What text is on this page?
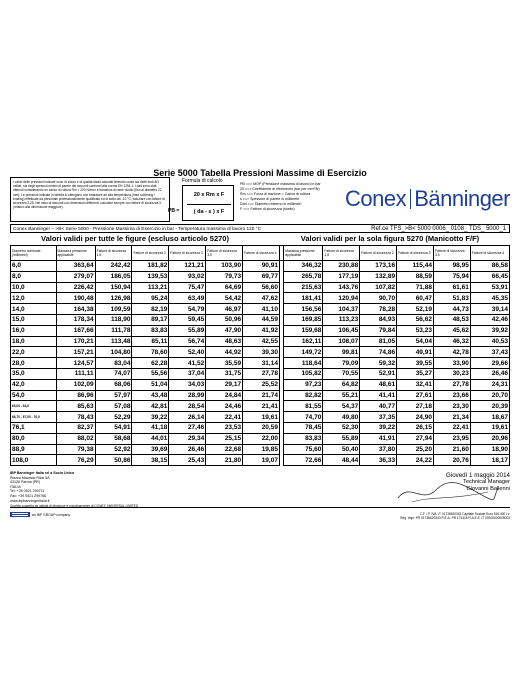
Serie 5000 Tabella Pressioni Massime di Esercizio
I valori delle pressioni indicate sono di sicuro e di qualità ideali calcolati tenendo conto sia delle fonti AD valide, sia degli spessori minimi di parete dei raccordi conformi alla norma EN 1254-1, i dati sono stati ottenuti considerando un carico di rottura Rm = 200 N/mm² e tubazioni di rame ricotto (fino al diametro 22 mm). Le pressioni indicate in tabella si ottengono con brasature ad alta temperatura (hard soldering / brazing) effettuate da personale professionalmente qualificato ed di sotto dei -10 °C; calcolare con fattore di sicurezza 2,25. Nel caso di raccordi con dimensioni differenti, calcolare sempre con fattore di sicurezza 3 (relativo alla dimensione maggiore).
Formula di calcolo
PB =
20 x Rm x F
( da - s ) x F
PB ==> MOP (Pressione massima di lavoro) in bar
20 ==> Coefficiente di riferimento (bar per mm²/N)
Rm ==> Forza di trazione = Carico di rottura
s ==> Spessore di parete in millimetri
Dad ==> Diametro esterno in millimetri
F ==> Fattore di sicurezza (scelto)	Conex Bänninger
Conex Banninger – >B< Serie 5000 - Pressione Massima di Esercizio in bar - Temperatura massima di lavoro 120 °C	Ref.ce TFS_>B< 5000 0006_ 0108_ TDS_ 5000_1
Valori validi per tutte le figure (escluso articolo 5270)	Valori validi per la sola figura 5270 (Manicotto F/F)
Diametro nominale (millimetri)	Massima pressione applicabile	Fattore di sicurezza 1,5	Fattore di sicurezza 2	Fattore di sicurezza 3	Fattore di sicurezza 3,5	Fattore di sicurezza 4		Massima pressione applicabile	Fattore di sicurezza 1,5	Fattore di sicurezza 2	Fattore di sicurezza 3	Fattore di sicurezza 3,5	Fattore di sicurezza 4
6,0	363,64	242,42	181,82	121,21	103,90	90,91		346,32	230,88	173,16	115,44	98,95	86,58
8,0	279,07	186,05	139,53	93,02	79,73	69,77		265,78	177,19	132,89	88,59	75,94	66,45
10,0	226,42	150,94	113,21	75,47	64,69	56,60		215,63	143,76	107,82	71,88	61,61	53,91
12,0	190,48	126,98	95,24	63,49	54,42	47,62		181,41	120,94	90,70	60,47	51,83	45,35
14,0	164,38	109,59	82,19	54,79	46,97	41,10		156,56	104,37	78,28	52,19	44,73	39,14
15,0	178,34	118,90	89,17	59,45	50,96	44,59		169,85	113,23	84,93	56,62	48,53	42,46
16,0	167,66	111,78	83,83	55,89	47,90	41,92		159,68	106,45	79,84	53,23	45,62	39,92
18,0	170,21	113,48	85,11	56,74	48,63	42,55		162,11	108,07	81,05	54,04	46,32	40,53
22,0	157,21	104,80	78,60	52,40	44,92	39,30		149,72	99,81	74,86	49,91	42,78	37,43
28,0	124,57	83,04	62,28	41,52	35,59	31,14		118,64	79,09	59,32	39,55	33,90	29,66
35,0	111,11	74,07	55,56	37,04	31,75	27,78		105,82	70,55	52,91	35,27	30,23	26,46
42,0	102,09	68,06	51,04	34,03	29,17	25,52		97,23	64,82	48,61	32,41	27,78	24,31
54,0	86,96	57,97	43,48	28,99	24,84	21,74		82,82	55,21	41,41	27,61	23,66	20,70
63,00 - 64,0	85,63	57,08	42,81	28,54	24,46	21,41		81,55	54,37	40,77	27,18	23,30	20,39
66,70 - 67,00 - 70,0	78,43	52,29	39,22	26,14	22,41	19,61		74,70	49,80	37,35	24,90	21,34	18,67
76,1	82,37	54,91	41,18	27,46	23,53	20,59		78,45	52,30	39,22	26,15	22,41	19,61
80,0	88,02	58,68	44,01	29,34	25,15	22,00		83,83	55,89	41,91	27,94	23,95	20,96
88,9	79,38	52,92	39,69	26,46	22,68	19,85		75,60	50,40	37,80	25,20	21,60	18,90
108,0	76,29	50,86	38,15	25,43	21,80	19,07		72,66	48,44	36,33	24,22	20,76	18,17
IBP Banninger Italia srl a Socio Unico
Piazza Mauricio Rizzi 5A
43126 Parma (PR)
ITALIA
Tel: +39 0521 299711
Fax: +39 0521 299766
www.ibpbanningeritalia.it
Giovedì 1 maggio 2014
Technical Manager
Giovanni Ballenni
an IBP GROUP company	C.F. / P. IVA: IT 01738620343 Capitale Sociale Euro 516.400 i.v.
Reg. Impr. PR 01738620343 R.E.A. PR 174318 R.A.E.E. IT 09100000005003
